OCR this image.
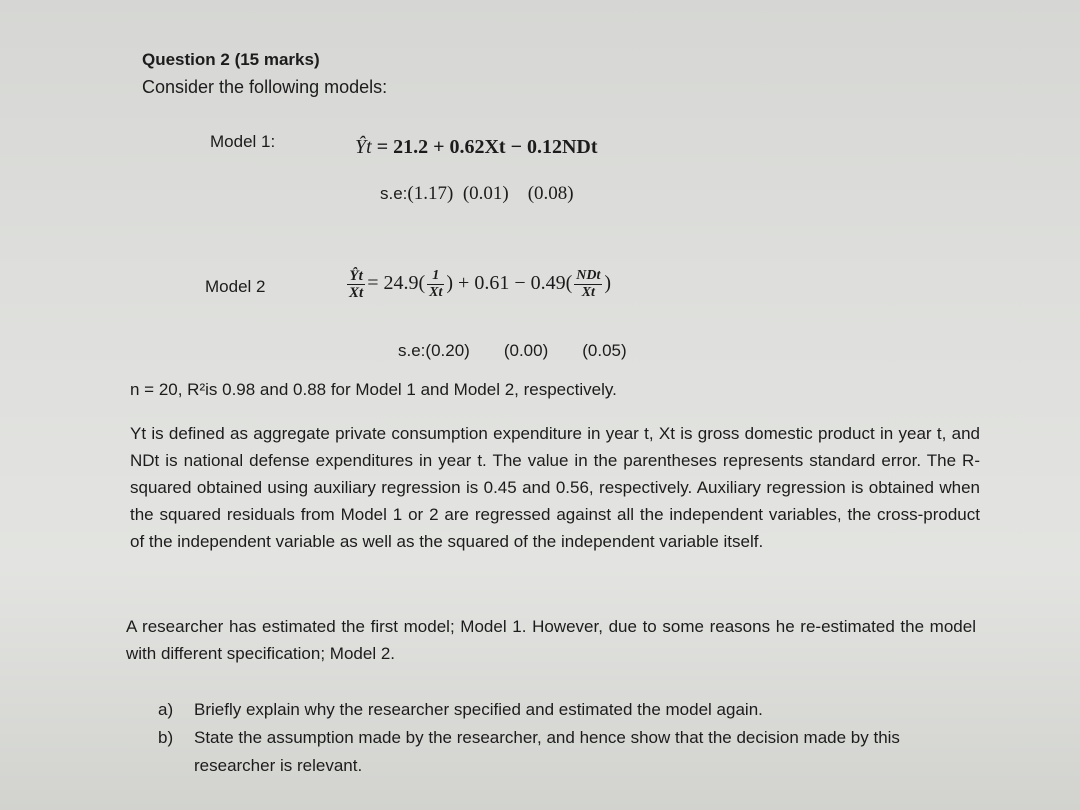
Question 2 (15 marks)
Consider the following models:
Model 1:	Ŷt = 21.2 + 0.62Xt − 0.12NDt
s.e:(1.17) (0.01) (0.08)
Model 2	$\frac{Ŷt}{Xt} = 24.9( \frac{1}{Xt}$ ) + $0.61 - 0.49( \frac{\text{NDt}}{Xt}$ )
s.e:(0.20) (0.00) (0.05)
n = 20, R²is 0.98 and 0.88 for Model 1 and Model 2, respectively.
Yt is defined as aggregate private consumption expenditure in year t, Xt is gross domestic product in year t, and NDt is national defense expenditures in year t. The value in the parentheses represents standard error. The R-squared obtained using auxiliary regression is 0.45 and 0.56, respectively. Auxiliary regression is obtained when the squared residuals from Model 1 or 2 are regressed against all the independent variables, the cross-product of the independent variable as well as the squared of the independent variable itself.
A researcher has estimated the first model; Model 1. However, due to some reasons he re-estimated the model with different specification; Model 2.
a)	Briefly explain why the researcher specified and estimated the model again.
b)	State the assumption made by the researcher, and hence show that the decision made by this
researcher is relevant.
